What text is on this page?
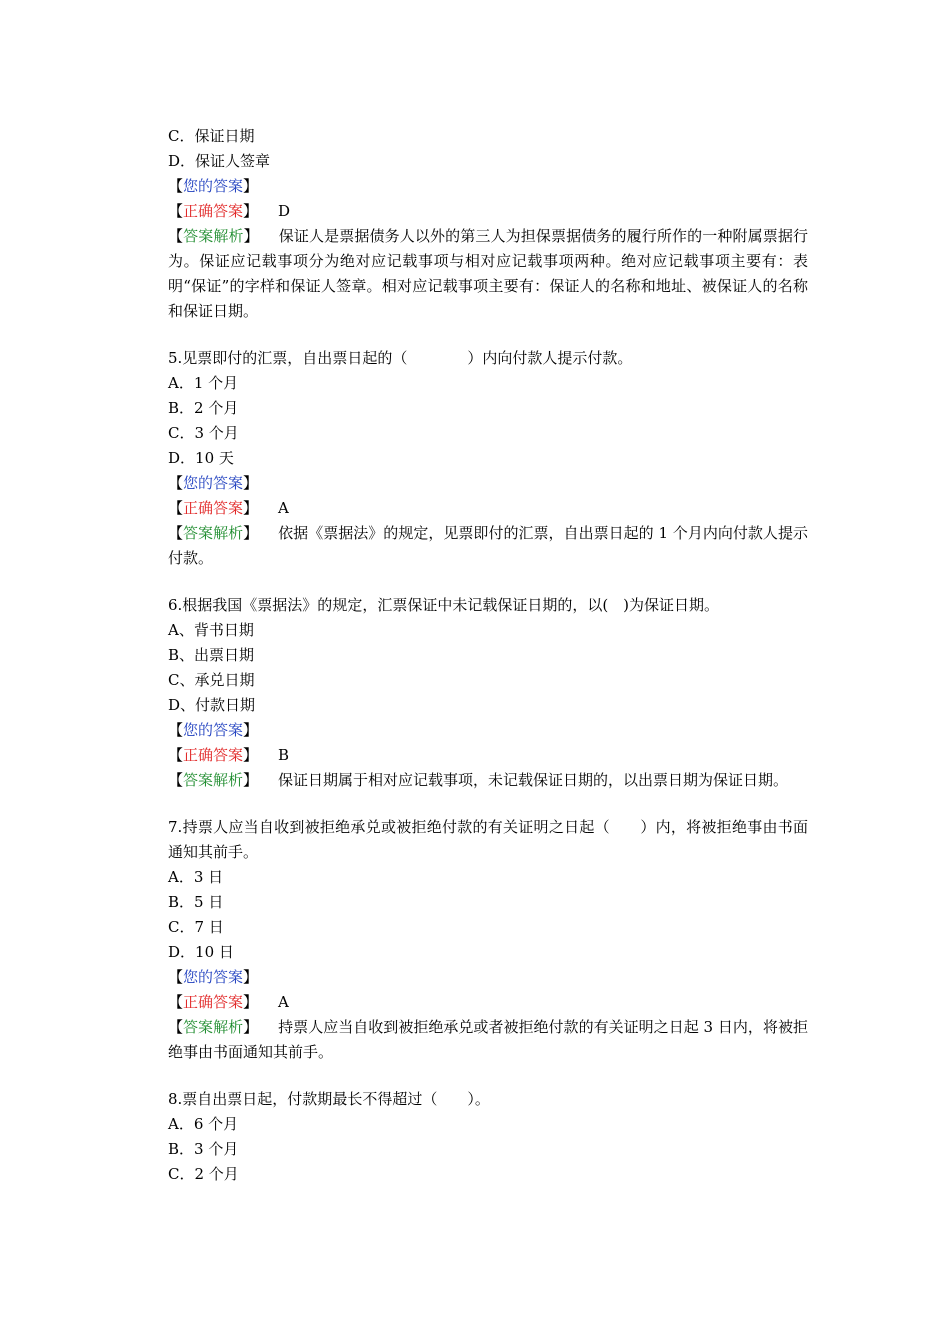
C．保证日期
D．保证人签章
【您的答案】
【正确答案】 D
【答案解析】 保证人是票据债务人以外的第三人为担保票据债务的履行所作的一种附属票据行为。保证应记载事项分为绝对应记载事项与相对应记载事项两种。绝对应记载事项主要有：表明“保证”的字样和保证人签章。相对应记载事项主要有：保证人的名称和地址、被保证人的名称和保证日期。
5.见票即付的汇票，自出票日起的（　　　　）内向付款人提示付款。
A．1 个月
B．2 个月
C．3 个月
D．10 天
【您的答案】
【正确答案】 A
【答案解析】 依据《票据法》的规定，见票即付的汇票，自出票日起的 1 个月内向付款人提示付款。
6.根据我国《票据法》的规定，汇票保证中未记载保证日期的，以(　)为保证日期。
A、背书日期
B、出票日期
C、承兑日期
D、付款日期
【您的答案】
【正确答案】 B
【答案解析】 保证日期属于相对应记载事项，未记载保证日期的，以出票日期为保证日期。
7.持票人应当自收到被拒绝承兑或被拒绝付款的有关证明之日起（　　）内，将被拒绝事由书面通知其前手。
A．3 日
B．5 日
C．7 日
D．10 日
【您的答案】
【正确答案】 A
【答案解析】 持票人应当自收到被拒绝承兑或者被拒绝付款的有关证明之日起 3 日内，将被拒绝事由书面通知其前手。
8.票自出票日起，付款期最长不得超过（　　）。
A．6 个月
B．3 个月
C．2 个月
